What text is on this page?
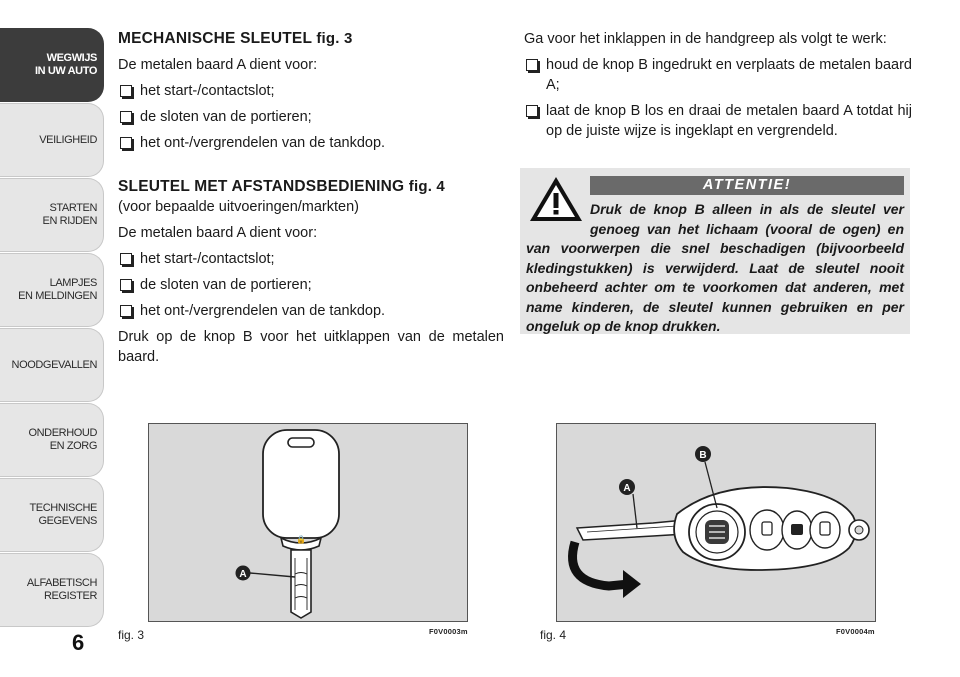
WEGWIJS
IN UW AUTO
VEILIGHEID
STARTEN
EN RIJDEN
LAMPJES
EN MELDINGEN
NOODGEVALLEN
ONDERHOUD
EN ZORG
TECHNISCHE
GEGEVENS
ALFABETISCH
REGISTER
6
MECHANISCHE SLEUTEL fig. 3
De metalen baard A dient voor:
het start-/contactslot;
de sloten van de portieren;
het ont-/vergrendelen van de tankdop.
SLEUTEL MET AFSTANDSBEDIENING fig. 4
(voor bepaalde uitvoeringen/markten)
De metalen baard A dient voor:
het start-/contactslot;
de sloten van de portieren;
het ont-/vergrendelen van de tankdop.
Druk op de knop B voor het uitklappen van de metalen baard.
Ga voor het inklappen in de handgreep als volgt te werk:
houd de knop B ingedrukt en verplaats de metalen baard A;
laat de knop B los en draai de metalen baard A totdat hij op de juiste wijze is ingeklapt en vergrendeld.
ATTENTIE!
Druk de knop B alleen in als de sleutel ver genoeg van het lichaam (vooral de ogen) en van voorwerpen die snel beschadigen (bijvoorbeeld kledingstukken) is verwijderd. Laat de sleutel nooit onbeheerd achter om te voorkomen dat anderen, met name kinderen, de sleutel kunnen gebruiken en per ongeluk op de knop drukken.
🔒
A
fig. 3	F0V0003m
A
B
fig. 4	F0V0004m
